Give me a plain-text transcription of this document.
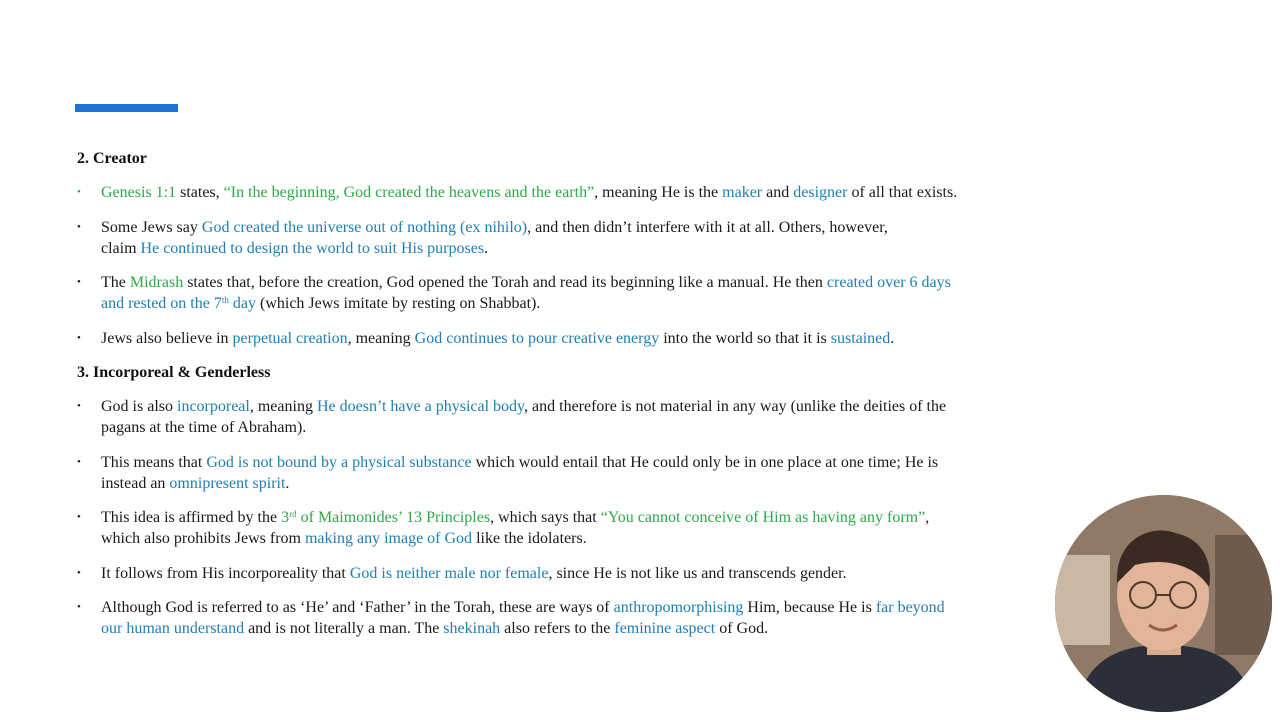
2. Creator
•	Genesis 1:1 states, “In the beginning, God created the heavens and the earth”, meaning He is the maker and designer of all that exists.
•	Some Jews say God created the universe out of nothing (ex nihilo), and then didn’t interfere with it at all. Others, however,
claim He continued to design the world to suit His purposes.
•	The Midrash states that, before the creation, God opened the Torah and read its beginning like a manual. He then created over 6 days
and rested on the 7th day (which Jews imitate by resting on Shabbat).
•	Jews also believe in perpetual creation, meaning God continues to pour creative energy into the world so that it is sustained.
3. Incorporeal & Genderless
•	God is also incorporeal, meaning He doesn’t have a physical body, and therefore is not material in any way (unlike the deities of the
pagans at the time of Abraham).
•	This means that God is not bound by a physical substance which would entail that He could only be in one place at one time; He is
instead an omnipresent spirit.
•	This idea is affirmed by the 3rd of Maimonides’ 13 Principles, which says that “You cannot conceive of Him as having any form”,
which also prohibits Jews from making any image of God like the idolaters.
•	It follows from His incorporeality that God is neither male nor female, since He is not like us and transcends gender.
•	Although God is referred to as ‘He’ and ‘Father’ in the Torah, these are ways of anthropomorphising Him, because He is far beyond
our human understand and is not literally a man. The shekinah also refers to the feminine aspect of God.
